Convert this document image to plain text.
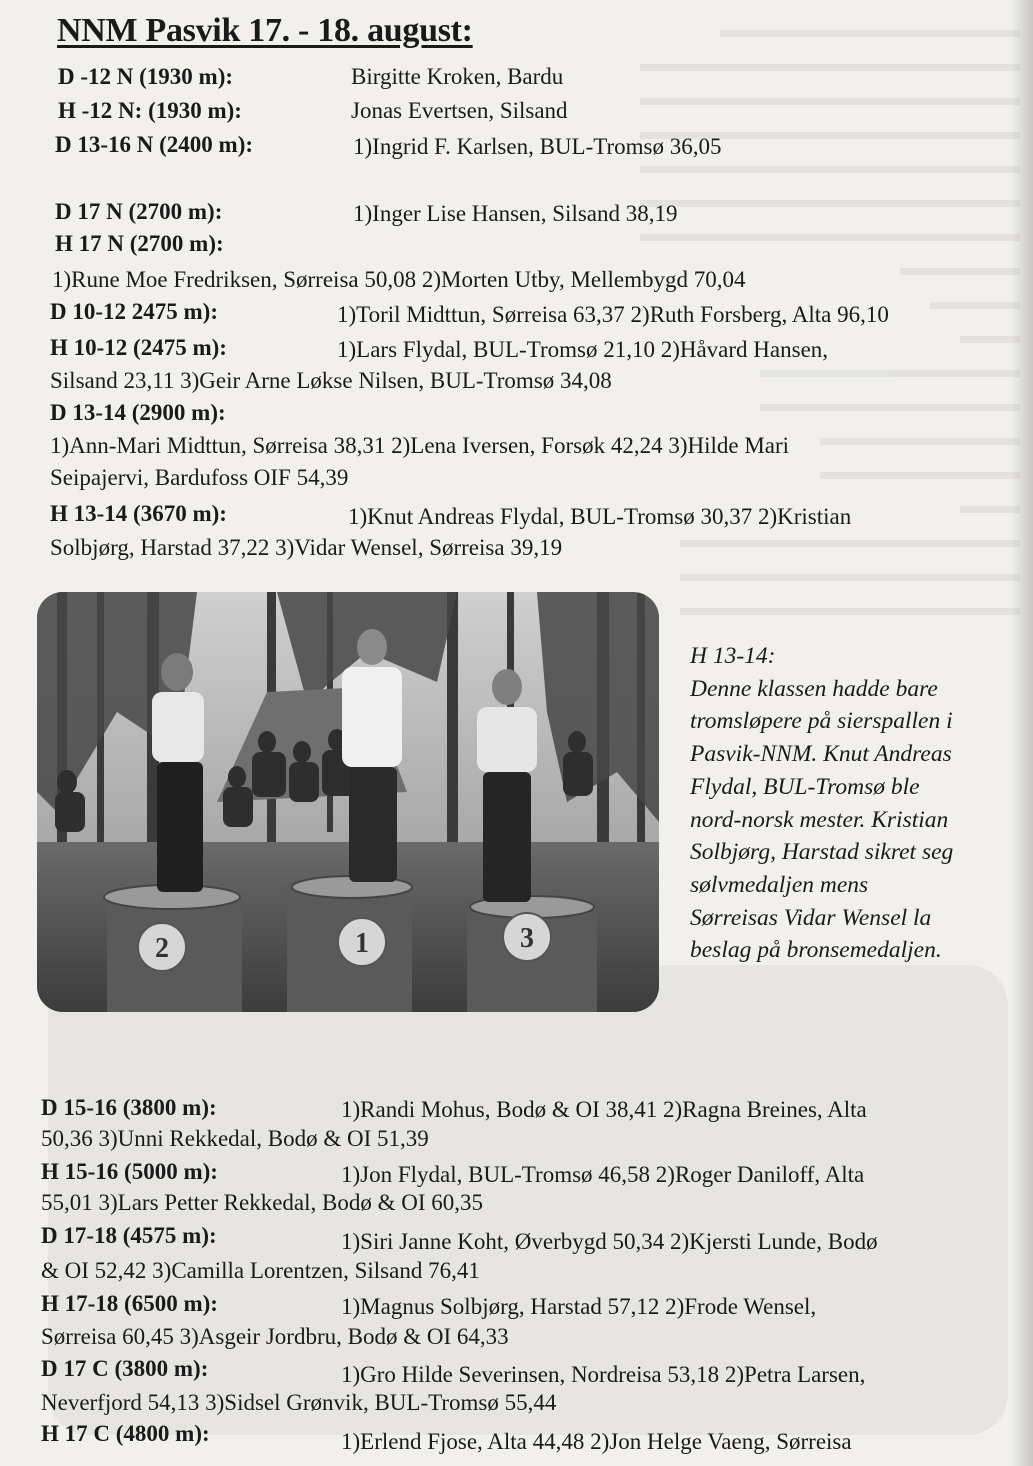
NNM Pasvik 17. - 18. august:
D -12 N (1930 m):	Birgitte Kroken, Bardu
H -12 N: (1930 m):	Jonas Evertsen, Silsand
D 13-16 N (2400 m):	1)Ingrid F. Karlsen, BUL-Tromsø 36,05
D 17 N (2700 m):	1)Inger Lise Hansen, Silsand 38,19
H 17 N (2700 m):
1)Rune Moe Fredriksen, Sørreisa 50,08 2)Morten Utby, Mellembygd 70,04
D 10-12 2475 m):	1)Toril Midttun, Sørreisa 63,37 2)Ruth Forsberg, Alta 96,10
H 10-12 (2475 m):	1)Lars Flydal, BUL-Tromsø 21,10 2)Håvard Hansen,
Silsand 23,11 3)Geir Arne Løkse Nilsen, BUL-Tromsø 34,08
D 13-14 (2900 m):
1)Ann-Mari Midttun, Sørreisa 38,31 2)Lena Iversen, Forsøk 42,24 3)Hilde Mari
Seipajervi, Bardufoss OIF 54,39
H 13-14 (3670 m):	1)Knut Andreas Flydal, BUL-Tromsø 30,37 2)Kristian
Solbjørg, Harstad 37,22 3)Vidar Wensel, Sørreisa 39,19
2	1	3
H 13-14:
Denne klassen hadde bare
tromsløpere på sierspallen i
Pasvik-NNM. Knut Andreas
Flydal, BUL-Tromsø ble
nord-norsk mester. Kristian
Solbjørg, Harstad sikret seg
sølvmedaljen mens
Sørreisas Vidar Wensel la
beslag på bronsemedaljen.
D 15-16 (3800 m):	1)Randi Mohus, Bodø & OI 38,41 2)Ragna Breines, Alta
50,36 3)Unni Rekkedal, Bodø & OI 51,39
H 15-16 (5000 m):	1)Jon Flydal, BUL-Tromsø 46,58 2)Roger Daniloff, Alta
55,01 3)Lars Petter Rekkedal, Bodø & OI 60,35
D 17-18 (4575 m):	1)Siri Janne Koht, Øverbygd 50,34 2)Kjersti Lunde, Bodø
& OI 52,42 3)Camilla Lorentzen, Silsand 76,41
H 17-18 (6500 m):	1)Magnus Solbjørg, Harstad 57,12 2)Frode Wensel,
Sørreisa 60,45 3)Asgeir Jordbru, Bodø & OI 64,33
D 17 C (3800 m):	1)Gro Hilde Severinsen, Nordreisa 53,18 2)Petra Larsen,
Neverfjord 54,13 3)Sidsel Grønvik, BUL-Tromsø 55,44
H 17 C (4800 m):	1)Erlend Fjose, Alta 44,48 2)Jon Helge Vaeng, Sørreisa
